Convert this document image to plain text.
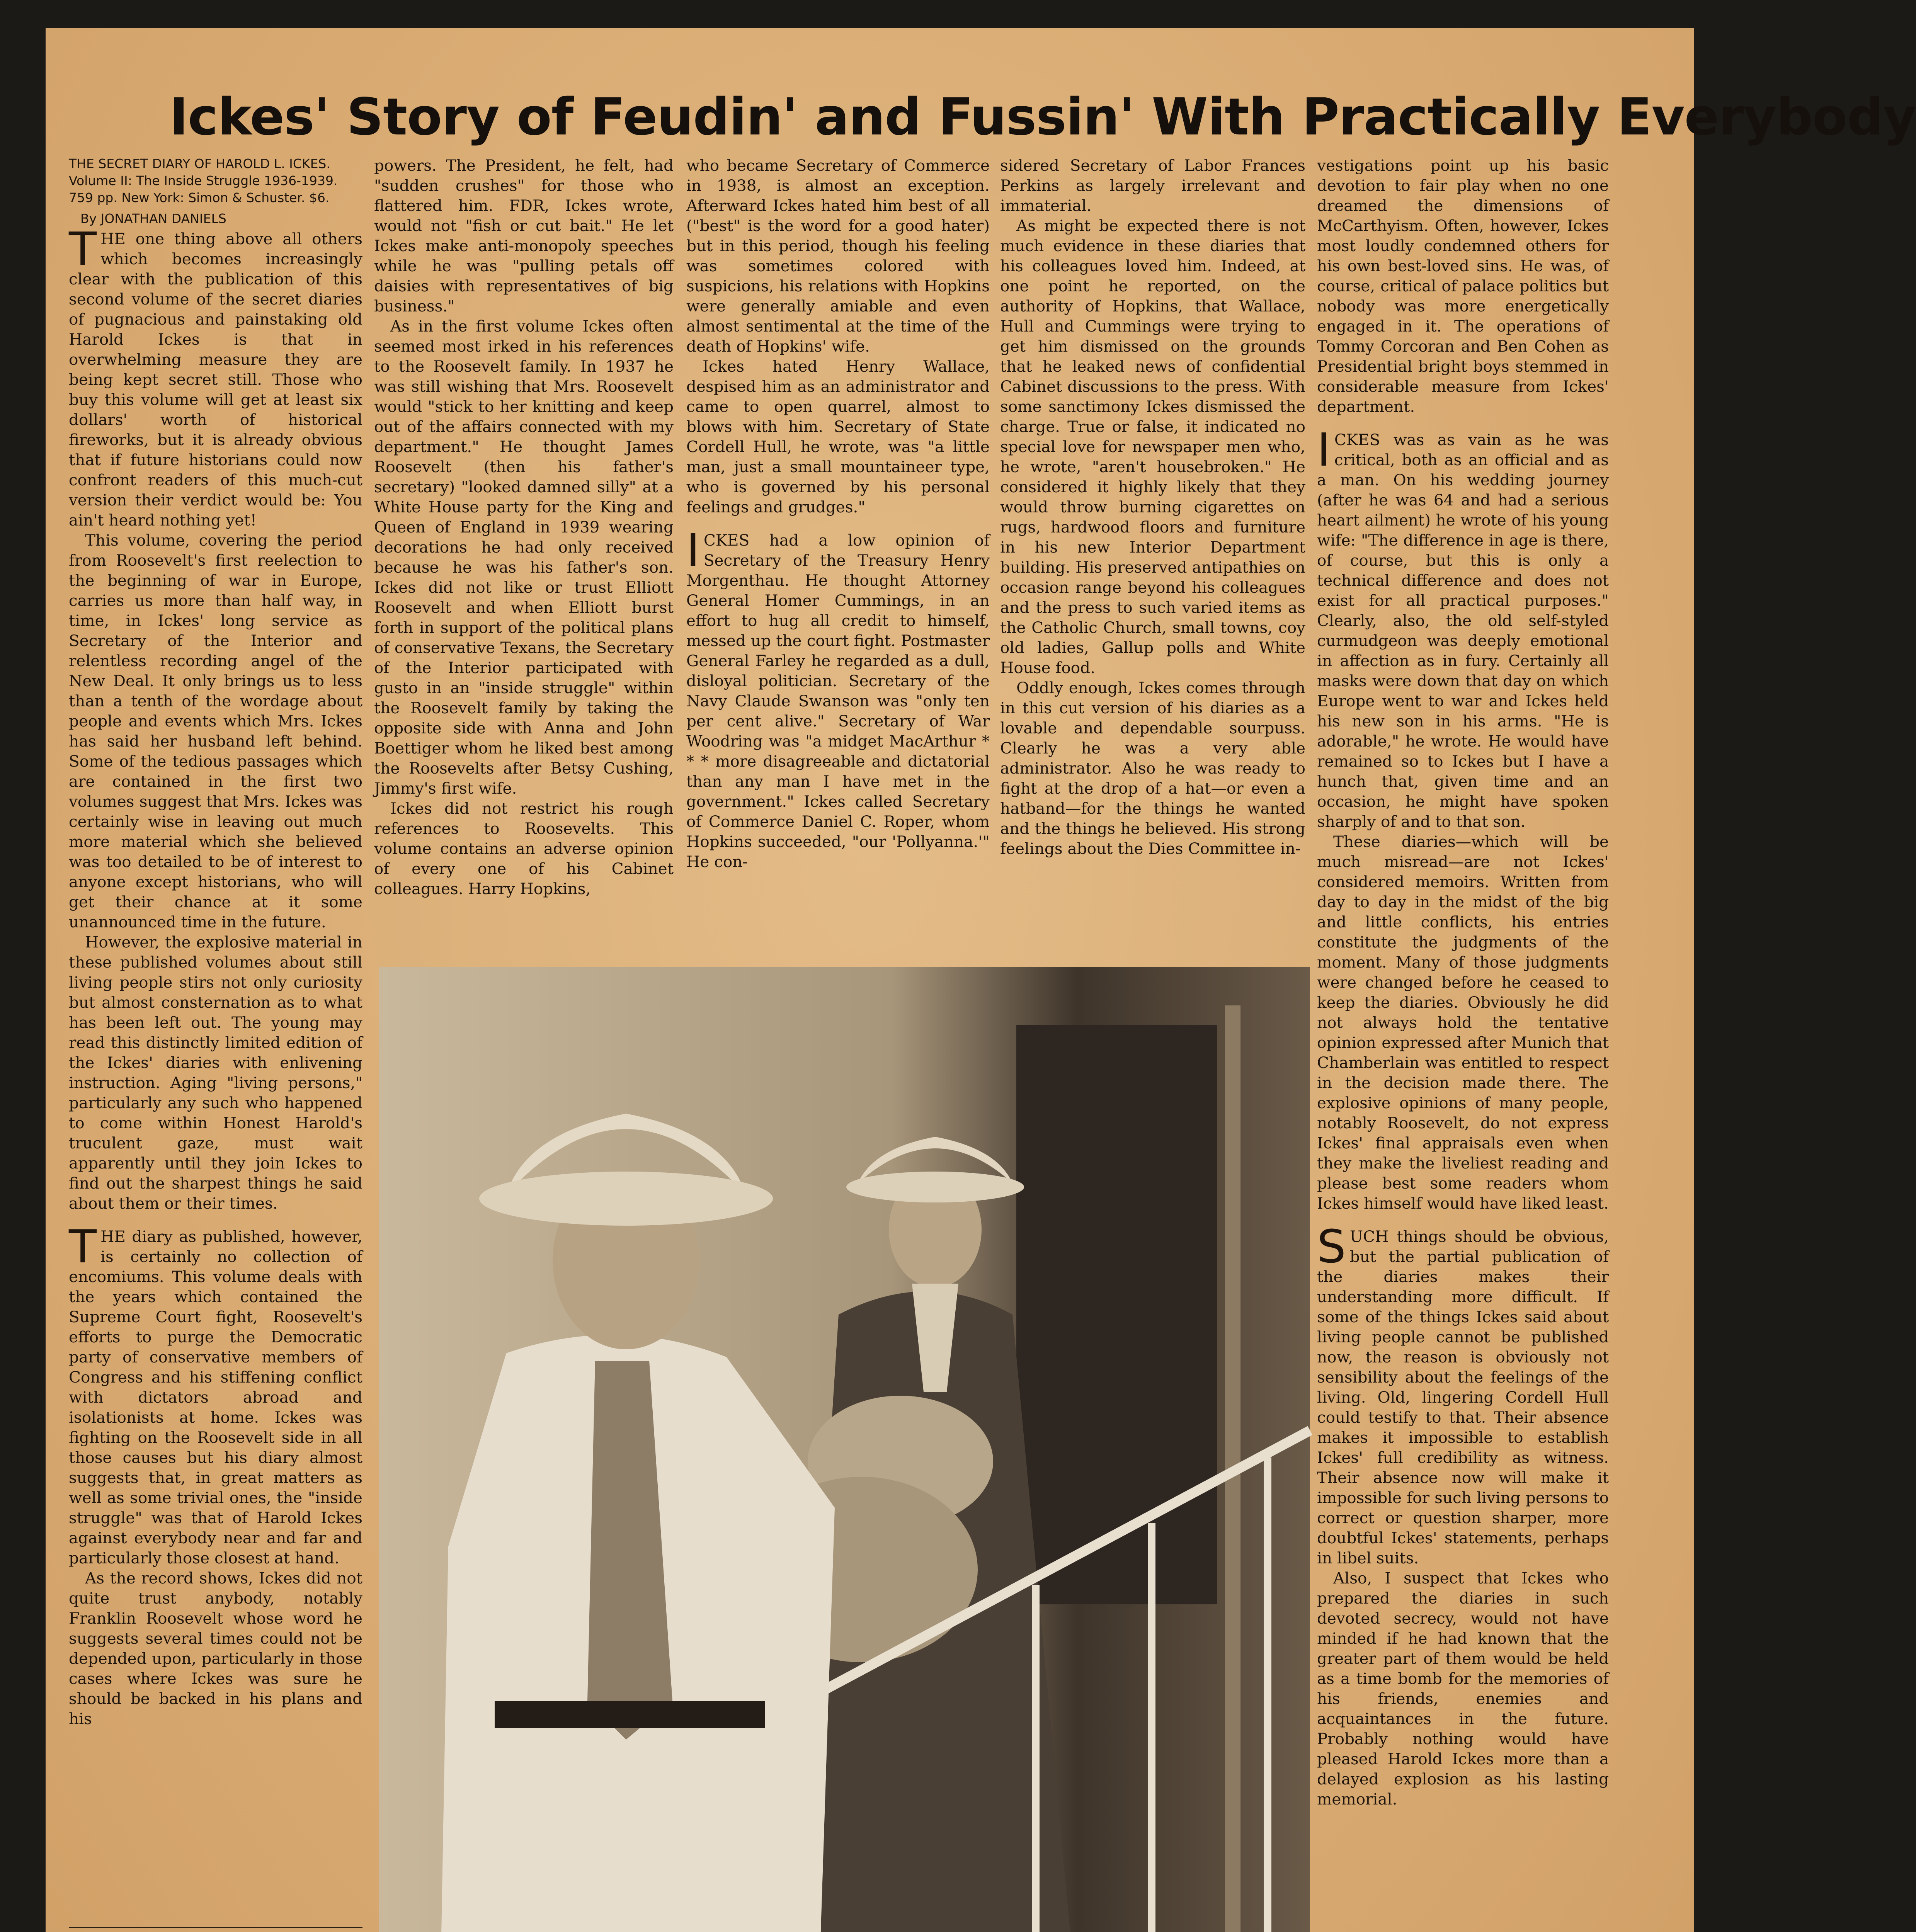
Ickes' Story of Feudin' and Fussin' With Practically Everybody
THE SECRET DIARY OF HAROLD L. ICKES. Volume II: The Inside Struggle 1936-1939. 759 pp. New York: Simon & Schuster. $6.
By JONATHAN DANIELS

THE one thing above all others which becomes increasingly clear with the publication of this second volume of the secret diaries of pugnacious and painstaking old Harold Ickes is that in overwhelming measure they are being kept secret still. Those who buy this volume will get at least six dollars' worth of historical fireworks, but it is already obvious that if future historians could now confront readers of this much-cut version their verdict would be: You ain't heard nothing yet!

This volume, covering the period from Roosevelt's first reelection to the beginning of war in Europe, carries us more than half way, in time, in Ickes' long service as Secretary of the Interior and relentless recording angel of the New Deal. It only brings us to less than a tenth of the wordage about people and events which Mrs. Ickes has said her husband left behind. Some of the tedious passages which are contained in the first two volumes suggest that Mrs. Ickes was certainly wise in leaving out much more material which she believed was too detailed to be of interest to anyone except historians, who will get their chance at it some unannounced time in the future.

However, the explosive material in these published volumes about still living people stirs not only curiosity but almost consternation as to what has been left out. The young may read this distinctly limited edition of the Ickes' diaries with enlivening instruction. Aging "living persons," particularly any such who happened to come within Honest Harold's truculent gaze, must wait apparently until they join Ickes to find out the sharpest things he said about them or their times.

THE diary as published, however, is certainly no collection of encomiums. This volume deals with the years which contained the Supreme Court fight, Roosevelt's efforts to purge the Democratic party of conservative members of Congress and his stiffening conflict with dictators abroad and isolationists at home. Ickes was fighting on the Roosevelt side in all those causes but his diary almost suggests that, in great matters as well as some trivial ones, the "inside struggle" was that of Harold Ickes against everybody near and far and particularly those closest at hand.

As the record shows, Ickes did not quite trust anybody, notably Franklin Roosevelt whose word he suggests several times could not be depended upon, particularly in those cases where Ickes was sure he should be backed in his plans and his

powers. The President, he felt, had "sudden crushes" for those who flattered him. FDR, Ickes wrote, would not "fish or cut bait." He let Ickes make anti-monopoly speeches while he was "pulling petals off daisies with representatives of big business."

As in the first volume Ickes often seemed most irked in his references to the Roosevelt family. In 1937 he was still wishing that Mrs. Roosevelt would "stick to her knitting and keep out of the affairs connected with my department." He thought James Roosevelt (then his father's secretary) "looked damned silly" at a White House party for the King and Queen of England in 1939 wearing decorations he had only received because he was his father's son. Ickes did not like or trust Elliott Roosevelt and when Elliott burst forth in support of the political plans of conservative Texans, the Secretary of the Interior participated with gusto in an "inside struggle" within the Roosevelt family by taking the opposite side with Anna and John Boettiger whom he liked best among the Roosevelts after Betsy Cushing, Jimmy's first wife.

Ickes did not restrict his rough references to Roosevelts. This volume contains an adverse opinion of every one of his Cabinet colleagues. Harry Hopkins,

who became Secretary of Commerce in 1938, is almost an exception. Afterward Ickes hated him best of all ("best" is the word for a good hater) but in this period, though his feeling was sometimes colored with suspicions, his relations with Hopkins were generally amiable and even almost sentimental at the time of the death of Hopkins' wife.

Ickes hated Henry Wallace, despised him as an administrator and came to open quarrel, almost to blows with him. Secretary of State Cordell Hull, he wrote, was "a little man, just a small mountaineer type, who is governed by his personal feelings and grudges."

ICKES had a low opinion of Secretary of the Treasury Henry Morgenthau. He thought Attorney General Homer Cummings, in an effort to hug all credit to himself, messed up the court fight. Postmaster General Farley he regarded as a dull, disloyal politician. Secretary of the Navy Claude Swanson was "only ten per cent alive." Secretary of War Woodring was "a midget MacArthur * * * more disagreeable and dictatorial than any man I have met in the government." Ickes called Secretary of Commerce Daniel C. Roper, whom Hopkins succeeded, "our 'Pollyanna.'" He con-

sidered Secretary of Labor Frances Perkins as largely irrelevant and immaterial.

As might be expected there is not much evidence in these diaries that his colleagues loved him. Indeed, at one point he reported, on the authority of Hopkins, that Wallace, Hull and Cummings were trying to get him dismissed on the grounds that he leaked news of confidential Cabinet discussions to the press. With some sanctimony Ickes dismissed the charge. True or false, it indicated no special love for newspaper men who, he wrote, "aren't housebroken." He considered it highly likely that they would throw burning cigarettes on rugs, hardwood floors and furniture in his new Interior Department building. His preserved antipathies on occasion range beyond his colleagues and the press to such varied items as the Catholic Church, small towns, coy old ladies, Gallup polls and White House food.

Oddly enough, Ickes comes through in this cut version of his diaries as a lovable and dependable sourpuss. Clearly he was a very able administrator. Also he was ready to fight at the drop of a hat—or even a hatband—for the things he wanted and the things he believed. His strong feelings about the Dies Committee in-

vestigations point up his basic devotion to fair play when no one dreamed the dimensions of McCarthyism. Often, however, Ickes most loudly condemned others for his own best-loved sins. He was, of course, critical of palace politics but nobody was more energetically engaged in it. The operations of Tommy Corcoran and Ben Cohen as Presidential bright boys stemmed in considerable measure from Ickes' department.

ICKES was as vain as he was critical, both as an official and as a man. On his wedding journey (after he was 64 and had a serious heart ailment) he wrote of his young wife: "The difference in age is there, of course, but this is only a technical difference and does not exist for all practical purposes." Clearly, also, the old self-styled curmudgeon was deeply emotional in affection as in fury. Certainly all masks were down that day on which Europe went to war and Ickes held his new son in his arms. "He is adorable," he wrote. He would have remained so to Ickes but I have a hunch that, given time and an occasion, he might have spoken sharply of and to that son.

These diaries—which will be much misread—are not Ickes' considered memoirs. Written from day to day in the midst of the big and little conflicts, his entries constitute the judgments of the moment. Many of those judgments were changed before he ceased to keep the diaries. Obviously he did not always hold the tentative opinion expressed after Munich that Chamberlain was entitled to respect in the decision made there. The explosive opinions of many people, notably Roosevelt, do not express Ickes' final appraisals even when they make the liveliest reading and please best some readers whom Ickes himself would have liked least.

SUCH things should be obvious, but the partial publication of the diaries makes their understanding more difficult. If some of the things Ickes said about living people cannot be published now, the reason is obviously not sensibility about the feelings of the living. Old, lingering Cordell Hull could testify to that. Their absence makes it impossible to establish Ickes' full credibility as witness. Their absence now will make it impossible for such living persons to correct or question sharper, more doubtful Ickes' statements, perhaps in libel suits.

Also, I suspect that Ickes who prepared the diaries in such devoted secrecy, would not have minded if he had known that the greater part of them would be held as a time bomb for the memories of his friends, enemies and acquaintances in the future. Probably nothing would have pleased Harold Ickes more than a delayed explosion as his lasting memorial.
